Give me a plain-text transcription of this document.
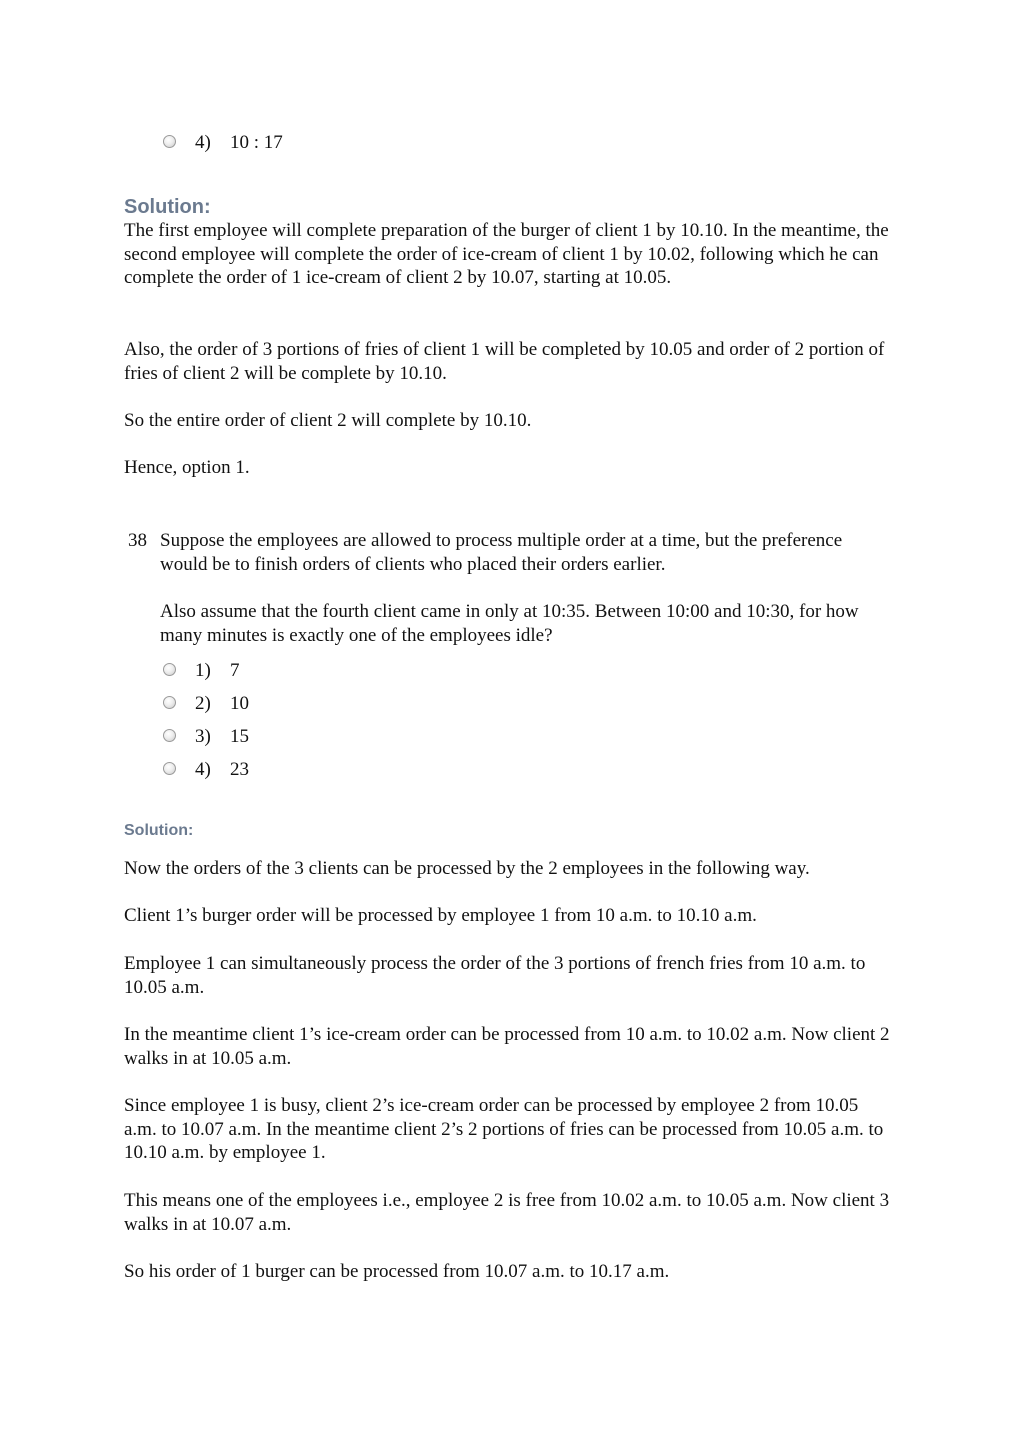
4) 10 : 17
Solution:
The first employee will complete preparation of the burger of client 1 by 10.10. In the meantime, the second employee will complete the order of ice-cream of client 1 by 10.02, following which he can complete the order of 1 ice-cream of client 2 by 10.07, starting at 10.05.
Also, the order of 3 portions of fries of client 1 will be completed by 10.05 and order of 2 portion of fries of client 2 will be complete by 10.10.
So the entire order of client 2 will complete by 10.10.
Hence, option 1.
38 Suppose the employees are allowed to process multiple order at a time, but the preference would be to finish orders of clients who placed their orders earlier.
Also assume that the fourth client came in only at 10:35. Between 10:00 and 10:30, for how many minutes is exactly one of the employees idle?
1) 7
2) 10
3) 15
4) 23
Solution:
Now the orders of the 3 clients can be processed by the 2 employees in the following way.
Client 1’s burger order will be processed by employee 1 from 10 a.m. to 10.10 a.m.
Employee 1 can simultaneously process the order of the 3 portions of french fries from 10 a.m. to 10.05 a.m.
In the meantime client 1’s ice-cream order can be processed from 10 a.m. to 10.02 a.m. Now client 2 walks in at 10.05 a.m.
Since employee 1 is busy, client 2’s ice-cream order can be processed by employee 2 from 10.05 a.m. to 10.07 a.m. In the meantime client 2’s 2 portions of fries can be processed from 10.05 a.m. to 10.10 a.m. by employee 1.
This means one of the employees i.e., employee 2 is free from 10.02 a.m. to 10.05 a.m. Now client 3 walks in at 10.07 a.m.
So his order of 1 burger can be processed from 10.07 a.m. to 10.17 a.m.
